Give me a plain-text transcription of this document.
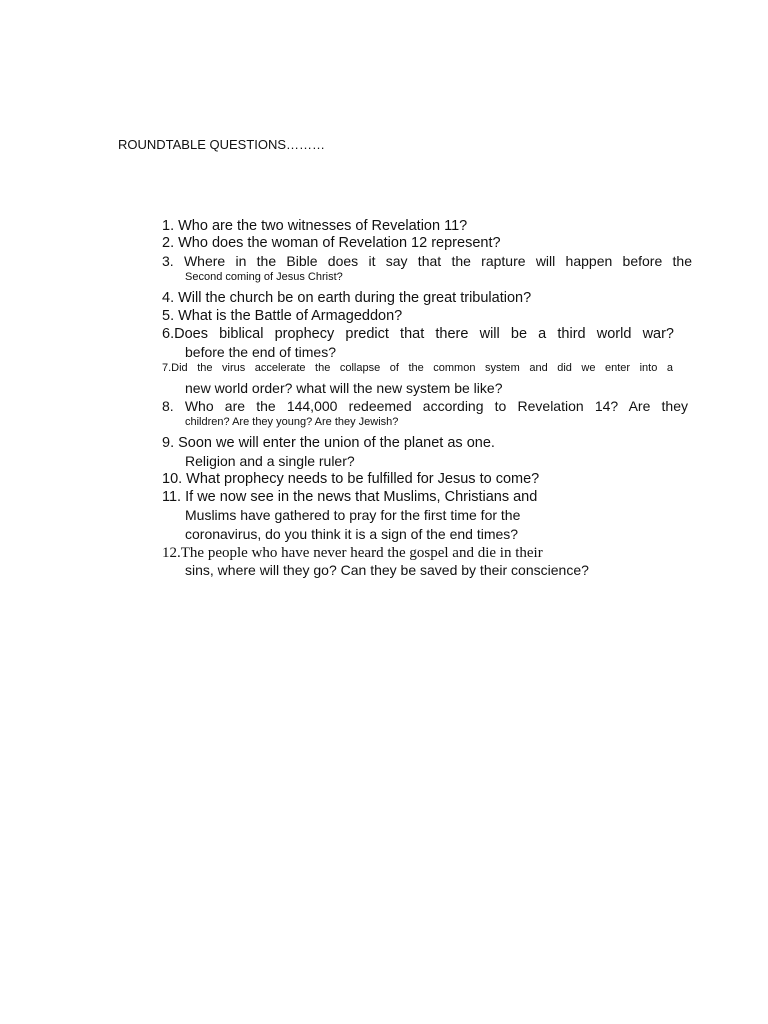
ROUNDTABLE QUESTIONS………
1. Who are the two witnesses of Revelation 11?
2. Who does the woman of Revelation 12 represent?
3. Where in the Bible does it say that the rapture will happen before the
Second coming of Jesus Christ?
4. Will the church be on earth during the great tribulation?
5. What is the Battle of Armageddon?
6.Does biblical prophecy predict that there will be a third world war?
before the end of times?
7.Did the virus accelerate the collapse of the common system and did we enter into a
new world order? what will the new system be like?
8. Who are the 144,000 redeemed according to Revelation 14? Are they
children? Are they young? Are they Jewish?
9. Soon we will enter the union of the planet as one.
Religion and a single ruler?
10. What prophecy needs to be fulfilled for Jesus to come?
11. If we now see in the news that Muslims, Christians and
Muslims have gathered to pray for the first time for the
coronavirus, do you think it is a sign of the end times?
12.The people who have never heard the gospel and die in their
sins, where will they go? Can they be saved by their conscience?
